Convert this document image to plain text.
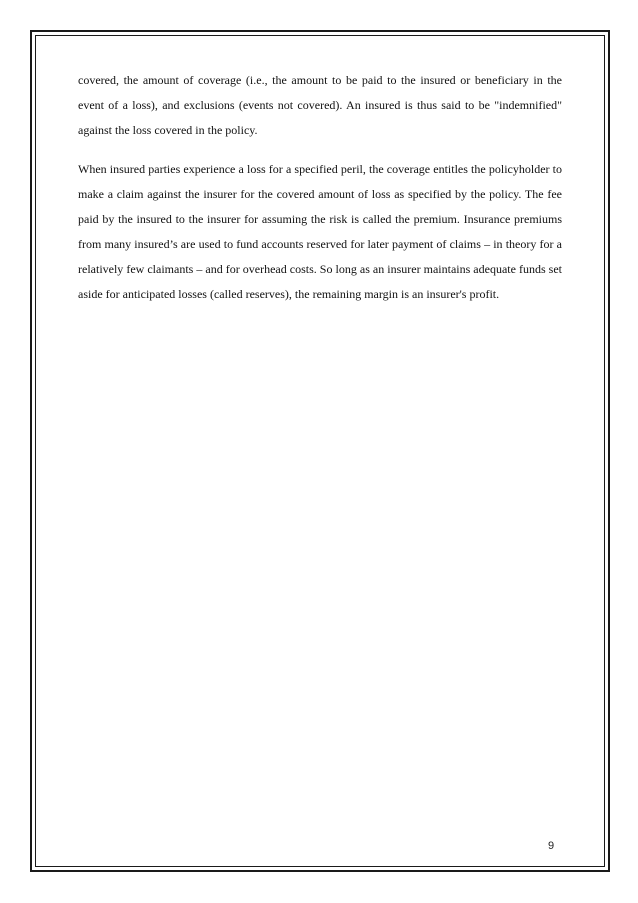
covered, the amount of coverage (i.e., the amount to be paid to the insured or beneficiary in the event of a loss), and exclusions (events not covered). An insured is thus said to be "indemnified" against the loss covered in the policy.

When insured parties experience a loss for a specified peril, the coverage entitles the policyholder to make a claim against the insurer for the covered amount of loss as specified by the policy. The fee paid by the insured to the insurer for assuming the risk is called the premium. Insurance premiums from many insured’s are used to fund accounts reserved for later payment of claims – in theory for a relatively few claimants – and for overhead costs. So long as an insurer maintains adequate funds set aside for anticipated losses (called reserves), the remaining margin is an insurer's profit.

9
